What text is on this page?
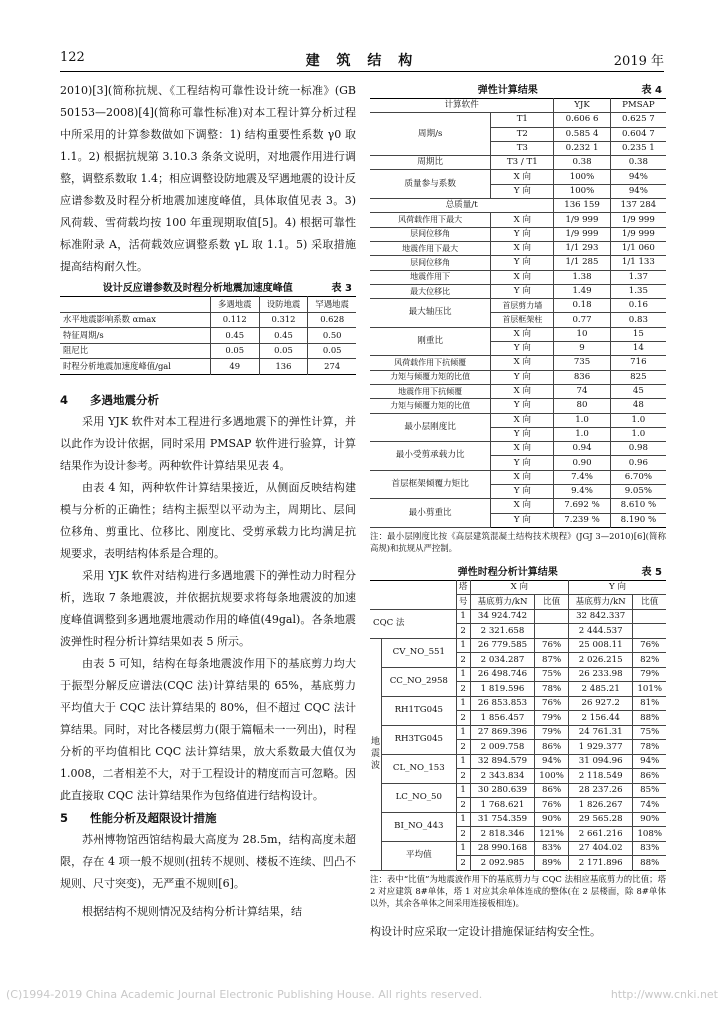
122	建 筑 结 构	2019 年

2010)[3](简称抗规、《工程结构可靠性设计统一标准》(GB 50153—2008)[4](简称可靠性标准)对本工程计算分析过程中所采用的计算参数做如下调整：1) 结构重要性系数 γ0 取 1.1。2) 根据抗规第 3.10.3 条条文说明，对地震作用进行调整，调整系数取 1.4；相应调整设防地震及罕遇地震的设计反应谱参数及时程分析地震加速度峰值，具体取值见表 3。3) 风荷载、雪荷载均按 100 年重现期取值[5]。4) 根据可靠性标准附录 A，活荷载效应调整系数 γL 取 1.1。5) 采取措施提高结构耐久性。

设计反应谱参数及时程分析地震加速度峰值	表 3
	多遇地震	设防地震	罕遇地震
水平地震影响系数 αmax	0.112	0.312	0.628
特征周期/s	0.45	0.45	0.50
阻尼比	0.05	0.05	0.05
时程分析地震加速度峰值/gal	49	136	274
4 多遇地震分析

采用 YJK 软件对本工程进行多遇地震下的弹性计算，并以此作为设计依据，同时采用 PMSAP 软件进行验算，计算结果作为设计参考。两种软件计算结果见表 4。

由表 4 知，两种软件计算结果接近，从侧面反映结构建模与分析的正确性；结构主振型以平动为主，周期比、层间位移角、剪重比、位移比、刚度比、受剪承载力比均满足抗规要求，表明结构体系是合理的。

采用 YJK 软件对结构进行多遇地震下的弹性动力时程分析，选取 7 条地震波，并依据抗规要求将每条地震波的加速度峰值调整到多遇地震地震动作用的峰值(49gal)。各条地震波弹性时程分析计算结果如表 5 所示。

由表 5 可知，结构在每条地震波作用下的基底剪力均大于振型分解反应谱法(CQC 法)计算结果的 65%，基底剪力平均值大于 CQC 法计算结果的 80%，但不超过 CQC 法计算结果。同时，对比各楼层剪力(限于篇幅未一一列出)，时程分析的平均值相比 CQC 法计算结果，放大系数最大值仅为 1.008，二者相差不大，对于工程设计的精度而言可忽略。因此直接取 CQC 法计算结果作为包络值进行结构设计。

5 性能分析及超限设计措施

苏州博物馆西馆结构最大高度为 28.5m，结构高度未超限，存在 4 项一般不规则(扭转不规则、楼板不连续、凹凸不规则、尺寸突变)，无严重不规则[6]。

根据结构不规则情况及结构分析计算结果，结

弹性计算结果	表 4
计算软件		YJK	PMSAP
周期/s	T1	0.606 6	0.625 7
	T2	0.585 4	0.604 7
	T3	0.232 1	0.235 1
周期比	T3 / T1	0.38	0.38
质量参与系数	X 向	100%	94%
	Y 向	100%	94%
总质量/t		136 159	137 284
风荷载作用下最大	X 向	1/9 999	1/9 999
层间位移角	Y 向	1/9 999	1/9 999
地震作用下最大	X 向	1/1 293	1/1 060
层间位移角	Y 向	1/1 285	1/1 133
地震作用下	X 向	1.38	1.37
最大位移比	Y 向	1.49	1.35
最大轴压比	首层剪力墙	0.18	0.16
	首层框架柱	0.77	0.83
刚重比	X 向	10	15
	Y 向	9	14
风荷载作用下抗倾覆	X 向	735	716
力矩与倾覆力矩的比值	Y 向	836	825
地震作用下抗倾覆	X 向	74	45
力矩与倾覆力矩的比值	Y 向	80	48
最小层刚度比	X 向	1.0	1.0
	Y 向	1.0	1.0
最小受剪承载力比	X 向	0.94	0.98
	Y 向	0.90	0.96
首层框架倾覆力矩比	X 向	7.4%	6.70%
	Y 向	9.4%	9.05%
最小剪重比	X 向	7.692 %	8.610 %
	Y 向	7.239 %	8.190 %

注：最小层刚度比按《高层建筑混凝土结构技术规程》(JGJ 3—2010)[6](简称高规)和抗规从严控制。

弹性时程分析计算结果	表 5
		塔	X 向		Y 向	
		号	基底剪力/kN	比值	基底剪力/kN	比值
CQC 法		1	34 924.742		32 842.337	
		2	2 321.658		2 444.537	
地
震
波	CV_NO_551	1	26 779.585	76%	25 008.11	76%
		2	2 034.287	87%	2 026.215	82%
	CC_NO_2958	1	26 498.746	75%	26 233.98	79%
		2	1 819.596	78%	2 485.21	101%
	RH1TG045	1	26 853.853	76%	26 927.2	81%
		2	1 856.457	79%	2 156.44	88%
	RH3TG045	1	27 869.396	79%	24 761.31	75%
		2	2 009.758	86%	1 929.377	78%
	CL_NO_153	1	32 894.579	94%	31 094.96	94%
		2	2 343.834	100%	2 118.549	86%
	LC_NO_50	1	30 280.639	86%	28 237.26	85%
		2	1 768.621	76%	1 826.267	74%
	BI_NO_443	1	31 754.359	90%	29 565.28	90%
		2	2 818.346	121%	2 661.216	108%
	平均值	1	28 990.168	83%	27 404.02	83%
		2	2 092.985	89%	2 171.896	88%

注：表中“比值”为地震波作用下的基底剪力与 CQC 法相应基底剪力的比值；塔 2 对应建筑 8#单体，塔 1 对应其余单体连成的整体(在 2 层楼面，除 8#单体以外，其余各单体之间采用连接板相连)。

构设计时应采取一定设计措施保证结构安全性。
(C)1994-2019 China Academic Journal Electronic Publishing House. All rights reserved.	http://www.cnki.net
